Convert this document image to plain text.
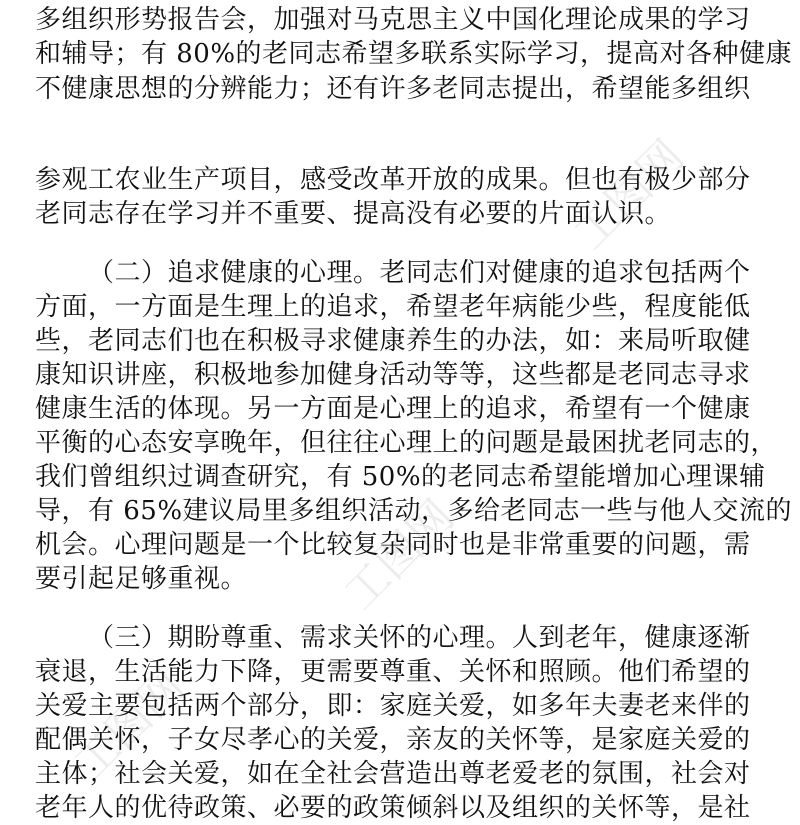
工图网
工图网
工图网
多组织形势报告会，加强对马克思主义中国化理论成果的学习
和辅导；有 80%的老同志希望多联系实际学习，提高对各种健康
不健康思想的分辨能力；还有许多老同志提出，希望能多组织
参观工农业生产项目，感受改革开放的成果。但也有极少部分
老同志存在学习并不重要、提高没有必要的片面认识。
（二）追求健康的心理。老同志们对健康的追求包括两个
方面，一方面是生理上的追求，希望老年病能少些，程度能低
些，老同志们也在积极寻求健康养生的办法，如：来局听取健
康知识讲座，积极地参加健身活动等等，这些都是老同志寻求
健康生活的体现。另一方面是心理上的追求，希望有一个健康
平衡的心态安享晚年，但往往心理上的问题是最困扰老同志的，
我们曾组织过调查研究，有 50%的老同志希望能增加心理课辅
导，有 65%建议局里多组织活动，多给老同志一些与他人交流的
机会。心理问题是一个比较复杂同时也是非常重要的问题，需
要引起足够重视。
（三）期盼尊重、需求关怀的心理。人到老年，健康逐渐
衰退，生活能力下降，更需要尊重、关怀和照顾。他们希望的
关爱主要包括两个部分，即：家庭关爱，如多年夫妻老来伴的
配偶关怀，子女尽孝心的关爱，亲友的关怀等，是家庭关爱的
主体；社会关爱，如在全社会营造出尊老爱老的氛围，社会对
老年人的优待政策、必要的政策倾斜以及组织的关怀等，是社
